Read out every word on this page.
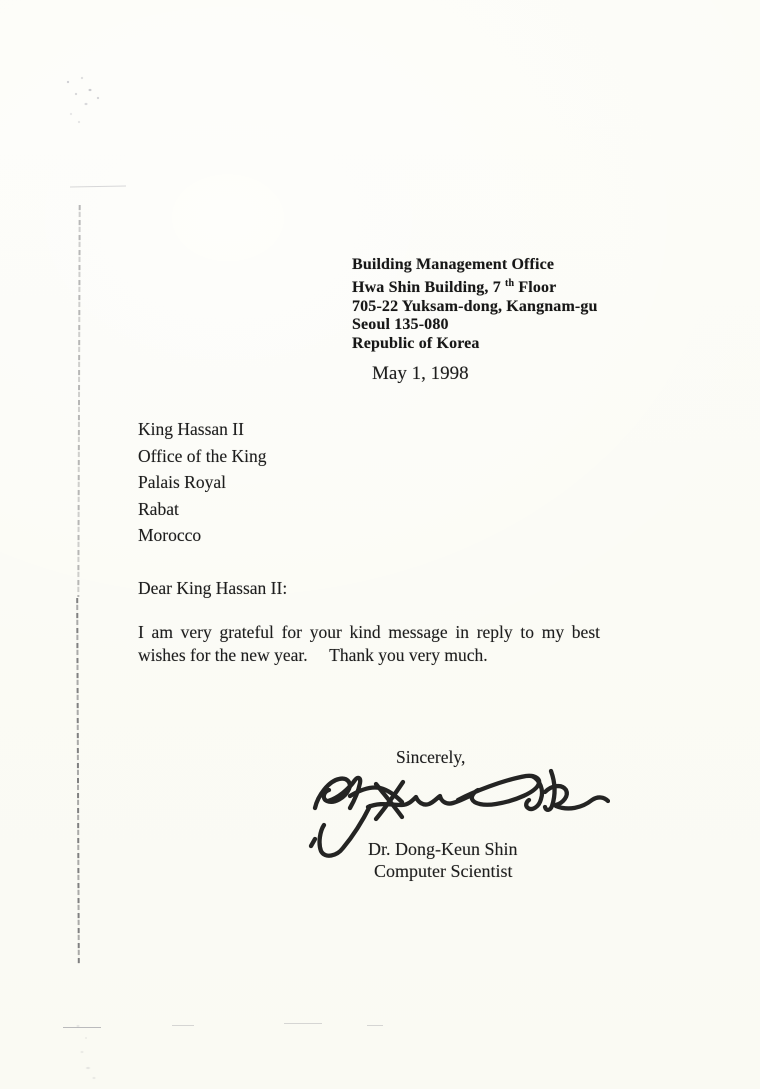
Building Management Office
Hwa Shin Building, 7 $^{th}$ Floor
705-22 Yuksam-dong, Kangnam-gu
Seoul 135-080
Republic of Korea
May 1, 1998
King Hassan II
Office of the King
Palais Royal
Rabat
Morocco
Dear King Hassan II:
I am very grateful for your kind message in reply to my best
wishes for the new year.     Thank you very much.
Sincerely,
Dr. Dong-Keun Shin
Computer Scientist
